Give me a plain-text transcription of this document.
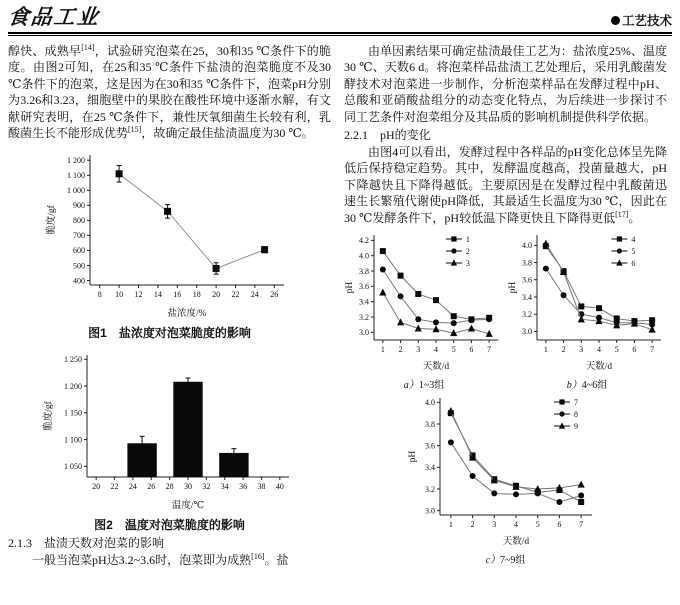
食品工业	工艺技术

醇快、成熟早[14]，试验研究泡菜在25，30和35 ℃条件下的脆度。由图2可知，在25和35 ℃条件下盐渍的泡菜脆度不及30 ℃条件下的泡菜，这是因为在30和35 ℃条件下，泡菜pH分别为3.26和3.23，细胞壁中的果胶在酸性环境中逐渐水解，有文献研究表明，在25 ℃条件下，兼性厌氧细菌生长较有利，乳酸菌生长不能形成优势[15]，故确定最佳盐渍温度为30 ℃。

8 10 12 14 16 18 20 22 24 26
400
500
600
700
800
900
1 000
1 100
1 200
盐浓度/%
脆度/gf
图1　盐浓度对泡菜脆度的影响
20 22 24 26 28 30 32 34 36 38 40
1 050
1 100
1 150
1 200
1 250
温度/℃
脆度/gf
图2　温度对泡菜脆度的影响
2.1.3　盐渍天数对泡菜的影响

一般当泡菜pH达3.2~3.6时，泡菜即为成熟[16]。盐

由单因素结果可确定盐渍最佳工艺为：盐浓度25%、温度30 ℃、天数6 d。将泡菜样品盐渍工艺处理后，采用乳酸菌发酵技术对泡菜进一步制作，分析泡菜样品在发酵过程中pH、总酸和亚硝酸盐组分的动态变化特点，为后续进一步探讨不同工艺条件对泡菜组分及其品质的影响机制提供科学依据。

2.2.1　pH的变化

由图4可以看出，发酵过程中各样品的pH变化总体呈先降低后保持稳定趋势。其中，发酵温度越高，投菌量越大，pH下降越快且下降得越低。主要原因是在发酵过程中乳酸菌迅速生长繁殖代谢使pH降低，其最适生长温度为30 ℃，因此在30 ℃发酵条件下，pH较低温下降更快且下降得更低[17]。

1 2 3 4 5 6 7
3.0
3.2
3.4
3.6
3.8
4.0
4.2
天数/d
pH
1
2
3
a）1~3组
1 2 3 4 5 6 7
3.0
3.2
3.4
3.6
3.8
4.0
天数/d
pH
4
5
6
b）4~6组
1 2 3 4 5 6 7
3.0
3.2
3.4
3.6
3.8
4.0
天数/d
pH
7
8
9
c）7~9组
